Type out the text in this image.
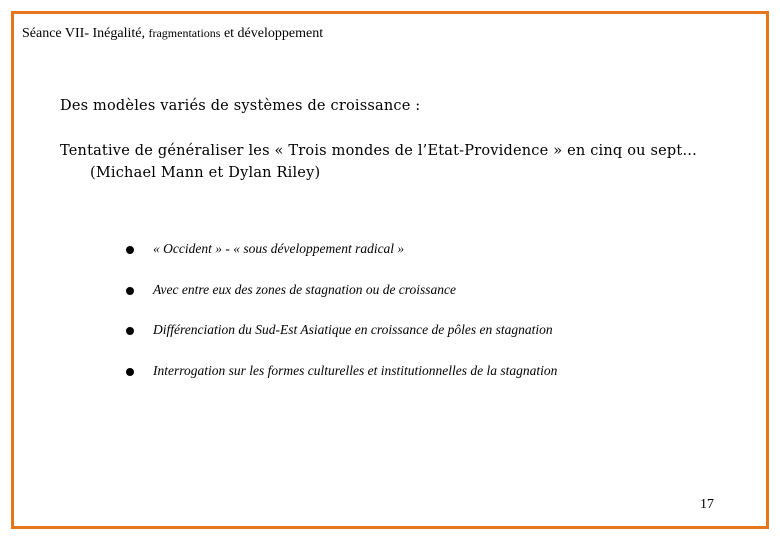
Séance VII- Inégalité, fragmentations et développement
Des modèles variés de systèmes de croissance :
Tentative de généraliser les « Trois mondes de l’Etat-Providence » en cinq ou sept…
(Michael Mann et Dylan Riley)
« Occident » - « sous développement radical »
Avec entre eux des zones de stagnation ou de croissance
Différenciation du Sud-Est Asiatique en croissance de pôles en stagnation
Interrogation sur les formes culturelles et institutionnelles de la stagnation
17
